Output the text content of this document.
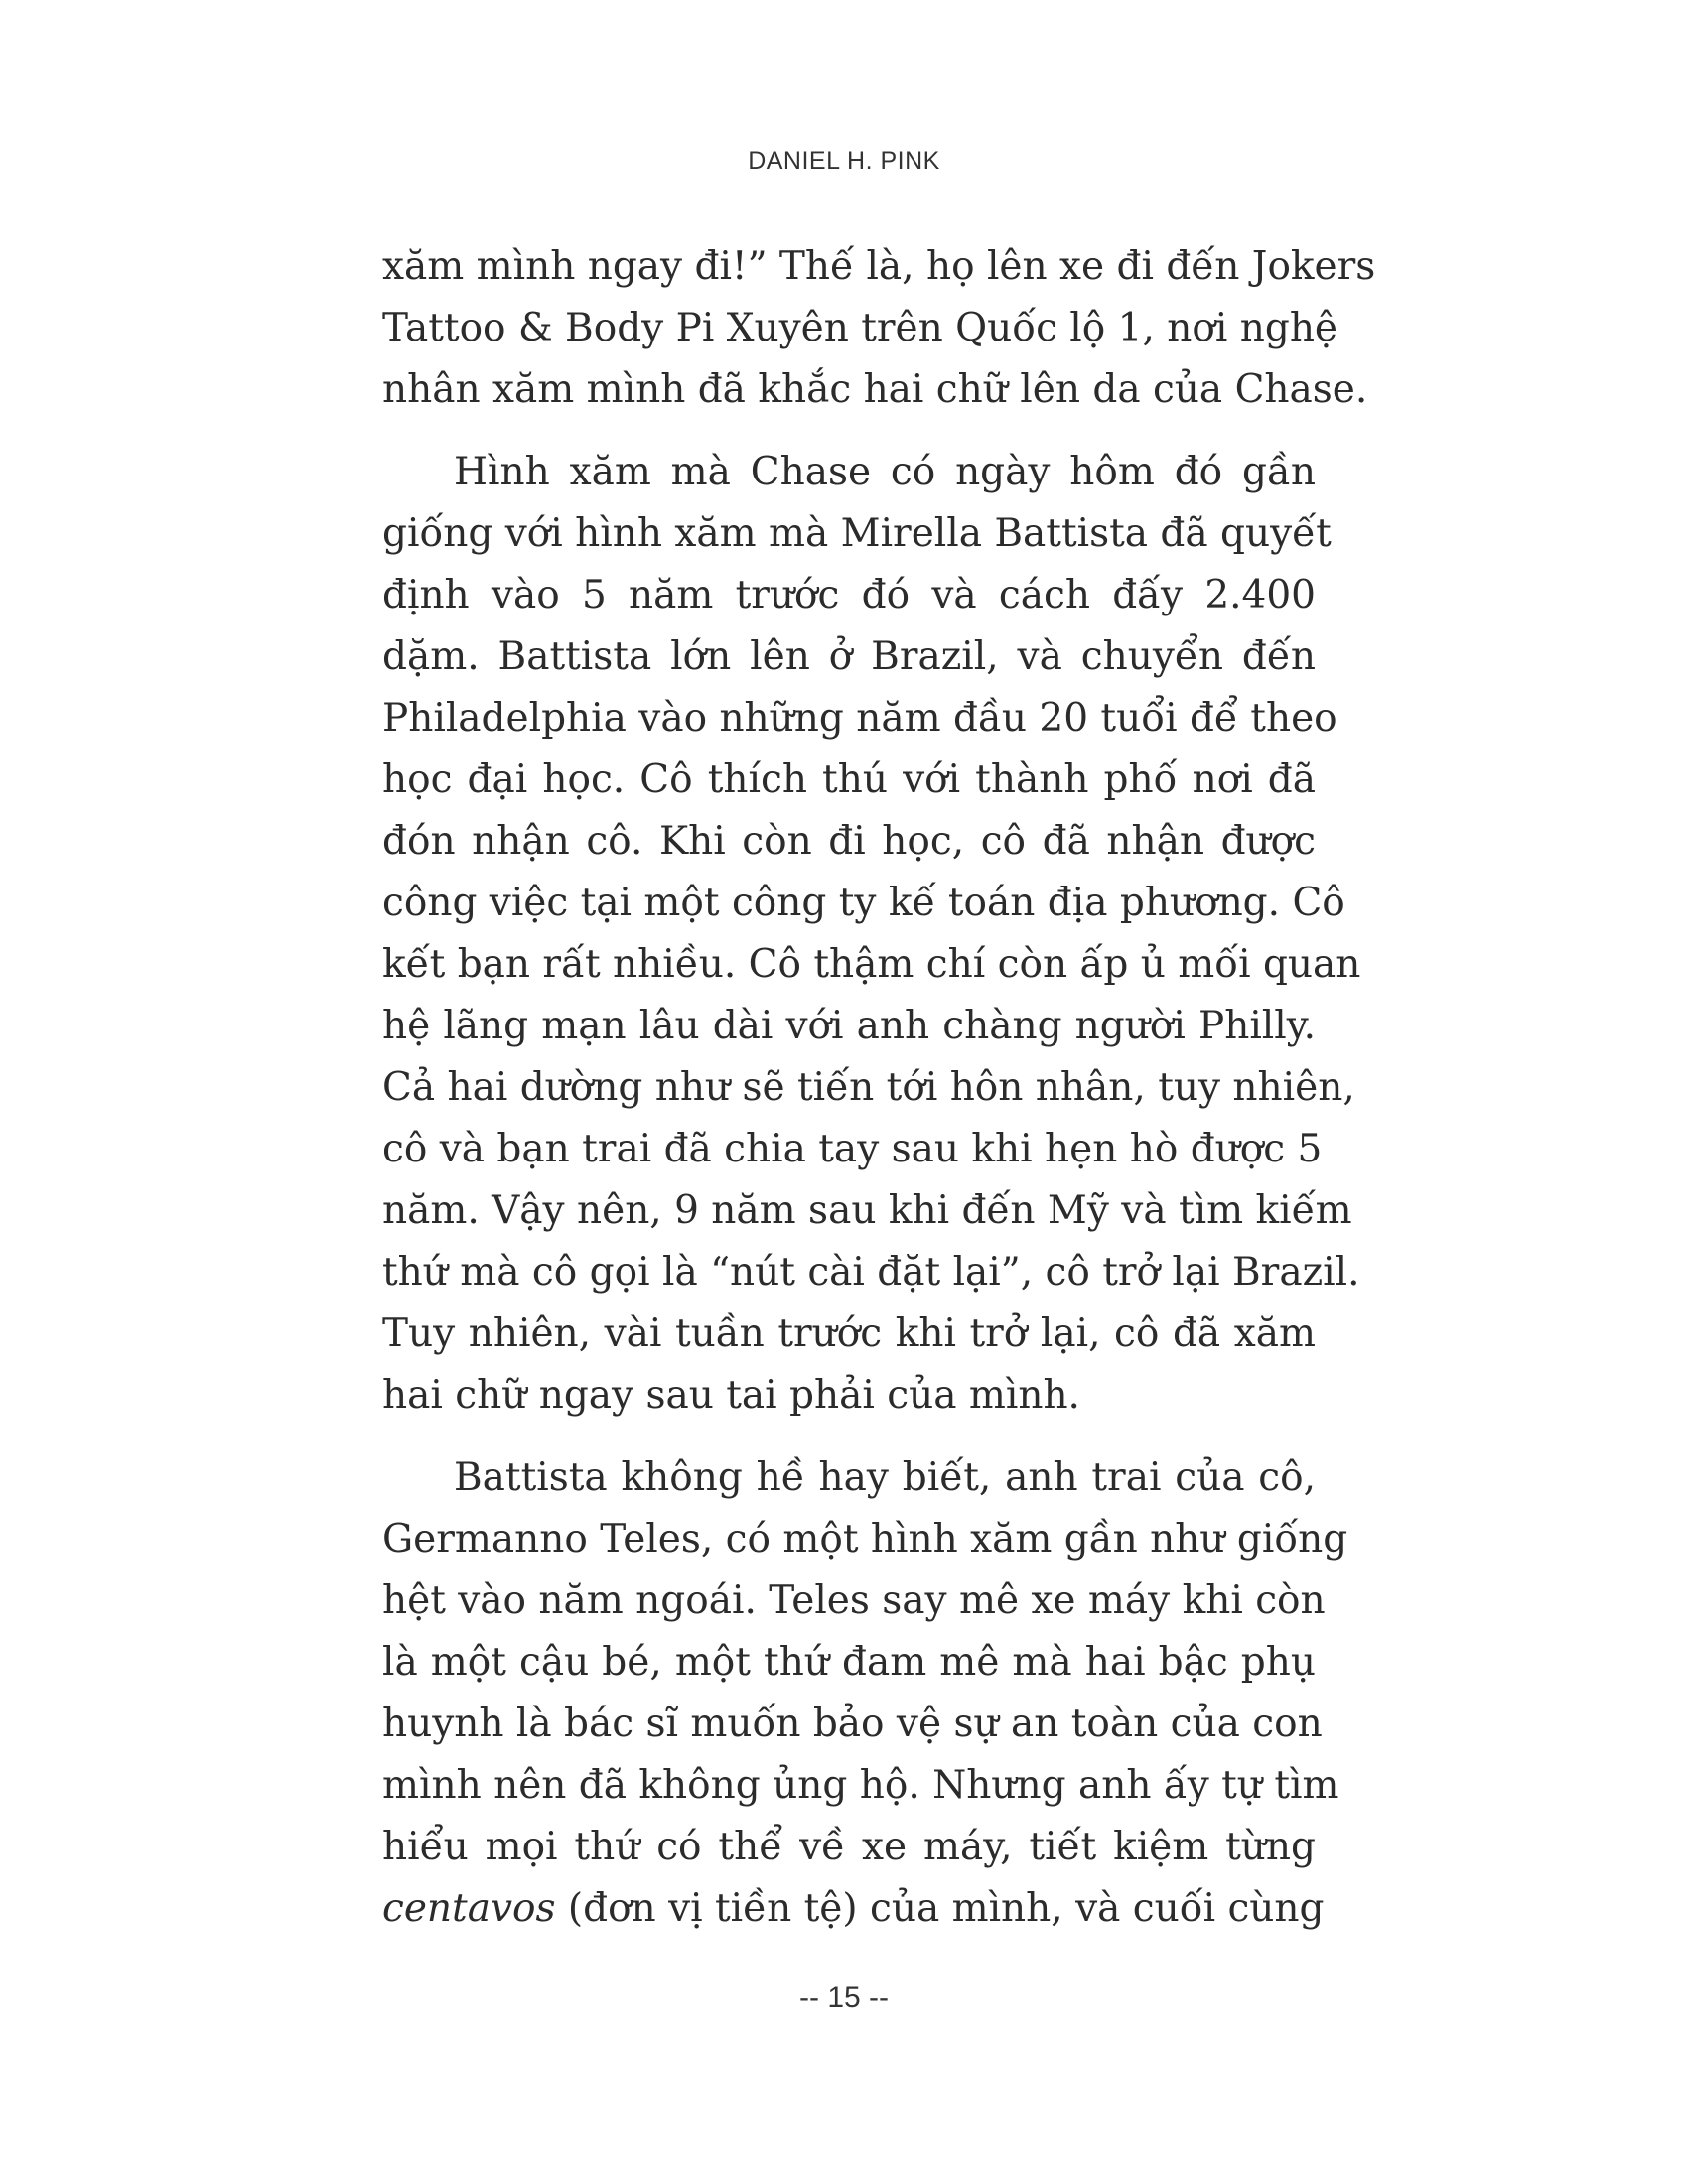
DANIEL H. PINK

xăm mình ngay đi!” Thế là, họ lên xe đi đến Jokers
Tattoo & Body Pi Xuyên trên Quốc lộ 1, nơi nghệ
nhân xăm mình đã khắc hai chữ lên da của Chase.

Hình xăm mà Chase có ngày hôm đó gần
giống với hình xăm mà Mirella Battista đã quyết
định vào 5 năm trước đó và cách đấy 2.400
dặm. Battista lớn lên ở Brazil, và chuyển đến
Philadelphia vào những năm đầu 20 tuổi để theo
học đại học. Cô thích thú với thành phố nơi đã
đón nhận cô. Khi còn đi học, cô đã nhận được
công việc tại một công ty kế toán địa phương. Cô
kết bạn rất nhiều. Cô thậm chí còn ấp ủ mối quan
hệ lãng mạn lâu dài với anh chàng người Philly.
Cả hai dường như sẽ tiến tới hôn nhân, tuy nhiên,
cô và bạn trai đã chia tay sau khi hẹn hò được 5
năm. Vậy nên, 9 năm sau khi đến Mỹ và tìm kiếm
thứ mà cô gọi là “nút cài đặt lại”, cô trở lại Brazil.
Tuy nhiên, vài tuần trước khi trở lại, cô đã xăm
hai chữ ngay sau tai phải của mình.

Battista không hề hay biết, anh trai của cô,
Germanno Teles, có một hình xăm gần như giống
hệt vào năm ngoái. Teles say mê xe máy khi còn
là một cậu bé, một thứ đam mê mà hai bậc phụ
huynh là bác sĩ muốn bảo vệ sự an toàn của con
mình nên đã không ủng hộ. Nhưng anh ấy tự tìm
hiểu mọi thứ có thể về xe máy, tiết kiệm từng
centavos (đơn vị tiền tệ) của mình, và cuối cùng

-- 15 --
